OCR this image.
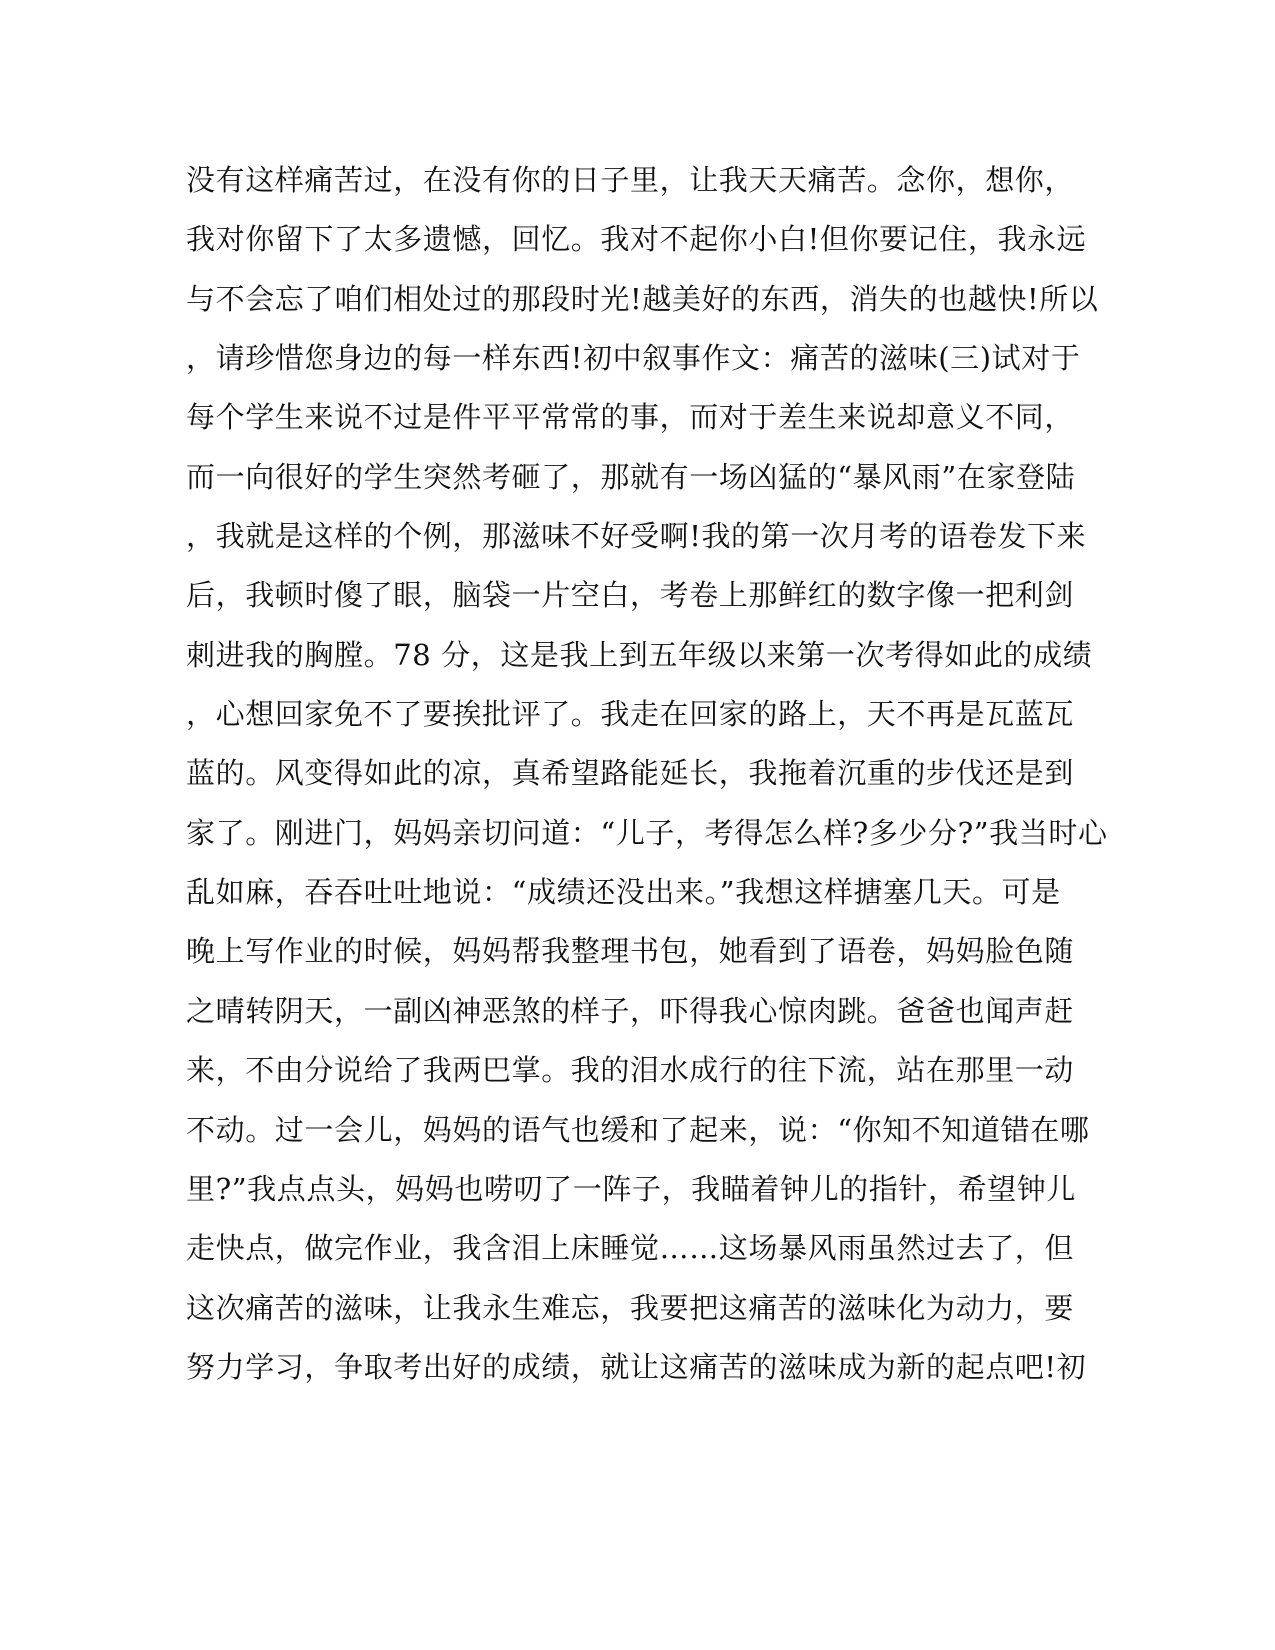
没有这样痛苦过，在没有你的日子里，让我天天痛苦。念你，想你，
我对你留下了太多遗憾，回忆。我对不起你小白!但你要记住，我永远
与不会忘了咱们相处过的那段时光!越美好的东西，消失的也越快!所以
，请珍惜您身边的每一样东西!初中叙事作文：痛苦的滋味(三)试对于
每个学生来说不过是件平平常常的事，而对于差生来说却意义不同，
而一向很好的学生突然考砸了，那就有一场凶猛的“暴风雨”在家登陆
，我就是这样的个例，那滋味不好受啊!我的第一次月考的语卷发下来
后，我顿时傻了眼，脑袋一片空白，考卷上那鲜红的数字像一把利剑
刺进我的胸膛。78 分，这是我上到五年级以来第一次考得如此的成绩
，心想回家免不了要挨批评了。我走在回家的路上，天不再是瓦蓝瓦
蓝的。风变得如此的凉，真希望路能延长，我拖着沉重的步伐还是到
家了。刚进门，妈妈亲切问道：“儿子，考得怎么样?多少分?”我当时心
乱如麻，吞吞吐吐地说：“成绩还没出来。”我想这样搪塞几天。可是
晚上写作业的时候，妈妈帮我整理书包，她看到了语卷，妈妈脸色随
之晴转阴天，一副凶神恶煞的样子，吓得我心惊肉跳。爸爸也闻声赶
来，不由分说给了我两巴掌。我的泪水成行的往下流，站在那里一动
不动。过一会儿，妈妈的语气也缓和了起来，说：“你知不知道错在哪
里?”我点点头，妈妈也唠叨了一阵子，我瞄着钟儿的指针，希望钟儿
走快点，做完作业，我含泪上床睡觉……这场暴风雨虽然过去了，但
这次痛苦的滋味，让我永生难忘，我要把这痛苦的滋味化为动力，要
努力学习，争取考出好的成绩，就让这痛苦的滋味成为新的起点吧!初
